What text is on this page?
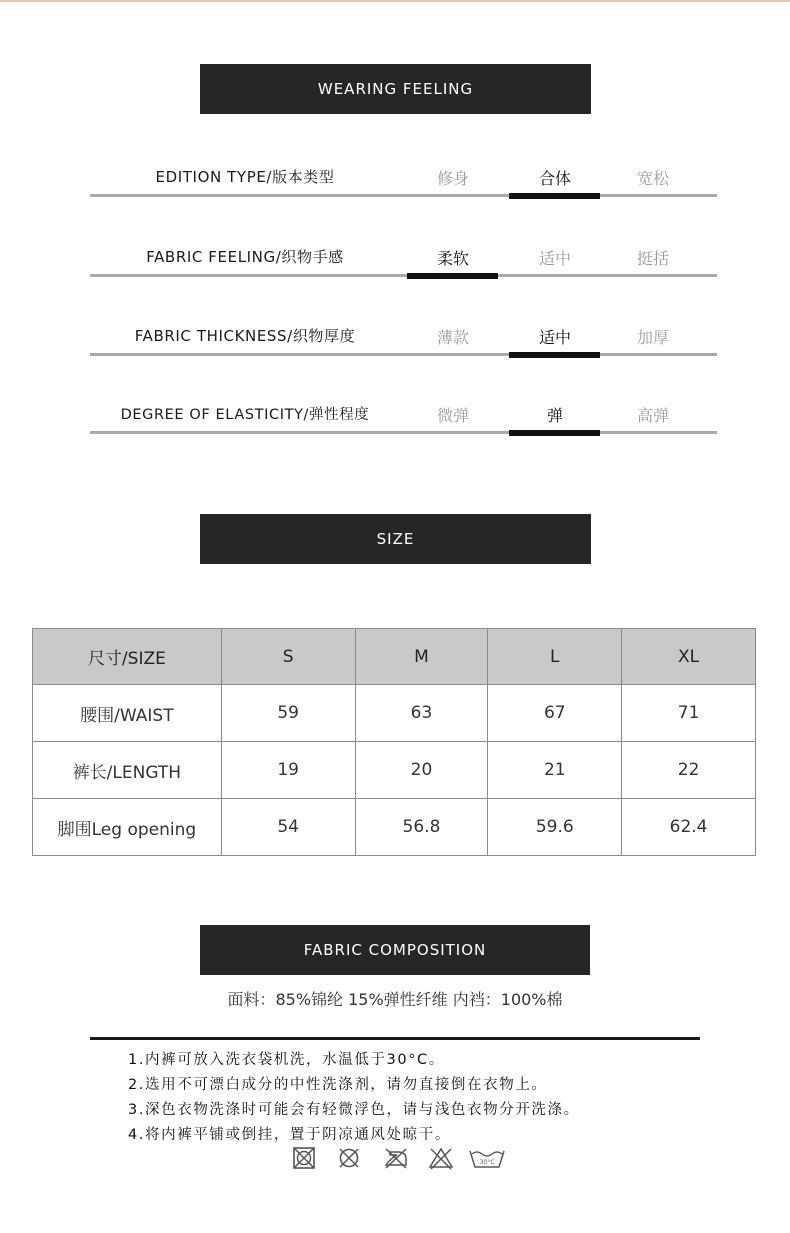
WEARING FEELING
EDITION TYPE/版本类型	修身	合体	宽松
FABRIC FEELING/织物手感	柔软	适中	挺括
FABRIC THICKNESS/织物厚度	薄款	适中	加厚
DEGREE OF ELASTICITY/弹性程度	微弹	弹	高弹
SIZE
尺寸/SIZE	S	M	L	XL
腰围/WAIST	59	63	67	71
裤长/LENGTH	19	20	21	22
脚围Leg opening	54	56.8	59.6	62.4
FABRIC COMPOSITION
面料：85%锦纶 15%弹性纤维 内裆：100%棉
1.内裤可放入洗衣袋机洗，水温低于30°C。
2.选用不可漂白成分的中性洗涤剂，请勿直接倒在衣物上。
3.深色衣物洗涤时可能会有轻微浮色，请与浅色衣物分开洗涤。
4.将内裤平铺或倒挂，置于阴凉通风处晾干。
30°C
